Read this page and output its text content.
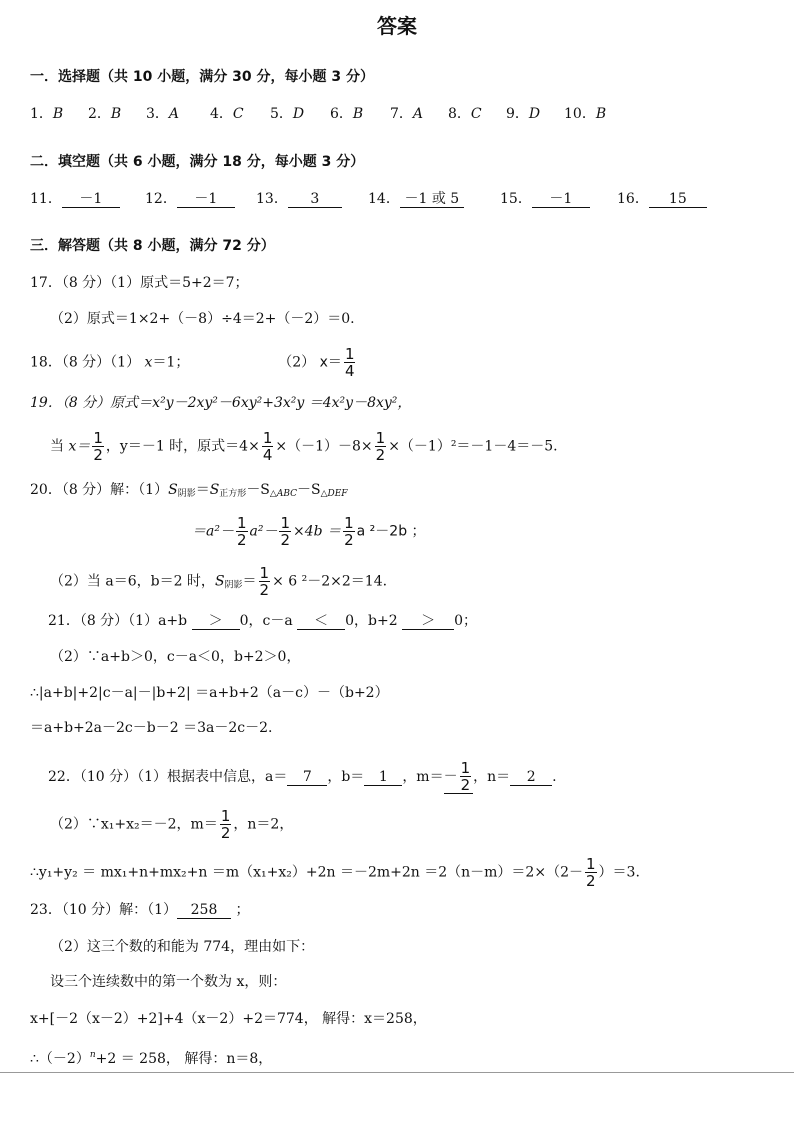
答案
一．选择题（共 10 小题，满分 30 分，每小题 3 分）
1．B 2．B 3．A 4．C 5．D 6．B 7．A 8．C 9．D 10．B
二．填空题（共 6 小题，满分 18 分，每小题 3 分）
11． －1	12． －1	13． 3	14． －1 或 5	15． －1	16． 15
三．解答题（共 8 小题，满分 72 分）
17．（8 分）（1）原式＝5+2＝7；
（2）原式＝1×2+（－8）÷4＝2+（－2）＝0.
18．（8 分）（1） x＝1；	（2） $x= \frac{1}{4}$
19．（8 分）原式＝x²y－2xy²－6xy²+3x²y ＝4x²y－8xy²，
当 $x= \frac{1}{2}$ ，y＝－1 时，原式$=4\times \frac{1}{4} \times(-1)-8\times \frac{1}{2} \times(-1)^2=-1-4=-5$.
20．（8 分）解：$(1)S_{阴影}=S_{正方形}-S_{\triangle ABC}-S_{\triangle DEF}$
$=a^2- \frac{1}{2} a^2- \frac{1}{2} \times 4b = \frac{1}{2}$ a ²－2b ；
（2）当 a＝6，b＝2 时，$S_{阴影}= \frac{1}{2} \times 6$ ²－2×2＝14.
21．（8 分）（1）a+b ＞ 0，c－a ＜ 0，b+2 ＞ 0；
（2）∵a+b＞0，c－a＜0，b+2＞0，
∴|a+b|+2|c－a|－|b+2| ＝a+b+2（a－c）－（b+2）
＝a+b+2a－2c－b－2 ＝3a－2c－2.
22．（10 分）（1）根据表中信息，a＝ 7 ，b＝ 1 ，$m=- \frac{1}{2}$ ，n＝ 2 .
（2）∵x₁+x₂＝－2，$m= \frac{1}{2}$ ，n＝2，
∴y₁+y₂ ＝ $mx_1+n+mx_2+n =m(x_1+x_2)+2n =-2m+2n =2(n-m)=2\times(2- \frac{1}{2} )=3$.
23．（10 分）解：（1） 258 ；
（2）这三个数的和能为 774，理由如下：
设三个连续数中的第一个数为 x，则：
x+[－2（x－2）+2]+4（x－2）+2＝774， 解得：x＝258，
$\therefore(-2)^n+2 = 258$， 解得：n＝8，
